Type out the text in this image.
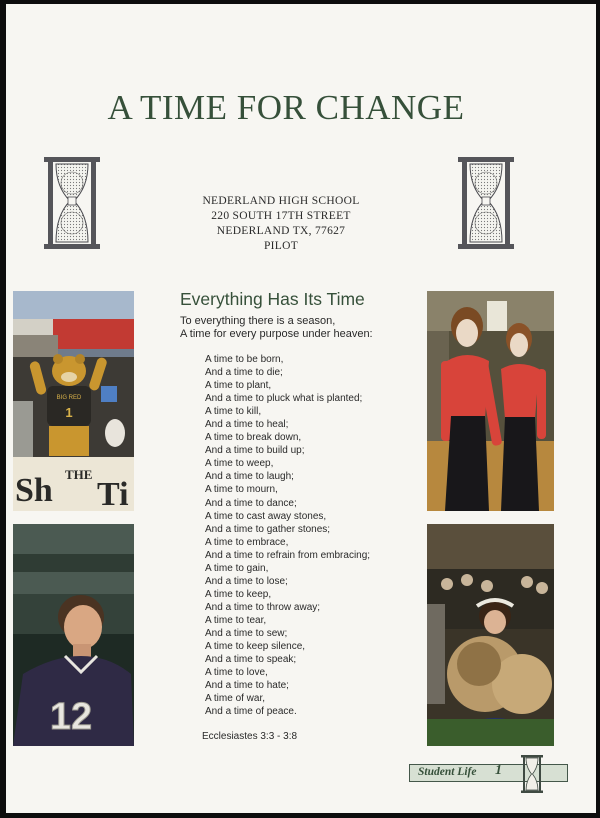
A TIME FOR CHANGE
NEDERLAND HIGH SCHOOL
220 SOUTH 17TH STREET
NEDERLAND TX, 77627
PILOT
BIG RED
1
Sh THE
Ti
12
Everything Has Its Time
To everything there is a season,
A time for every purpose under heaven:
A time to be born,
And a time to die;
A time to plant,
And a time to pluck what is planted;
A time to kill,
And a time to heal;
A time to break down,
And a time to build up;
A time to weep,
And a time to laugh;
A time to mourn,
And a time to dance;
A time to cast away stones,
And a time to gather stones;
A time to embrace,
And a time to refrain from embracing;
A time to gain,
And a time to lose;
A time to keep,
And a time to throw away;
A time to tear,
And a time to sew;
A time to keep silence,
And a time to speak;
A time to love,
And a time to hate;
A time of war,
And a time of peace.
Ecclesiastes 3:3 - 3:8
Student Life 1
